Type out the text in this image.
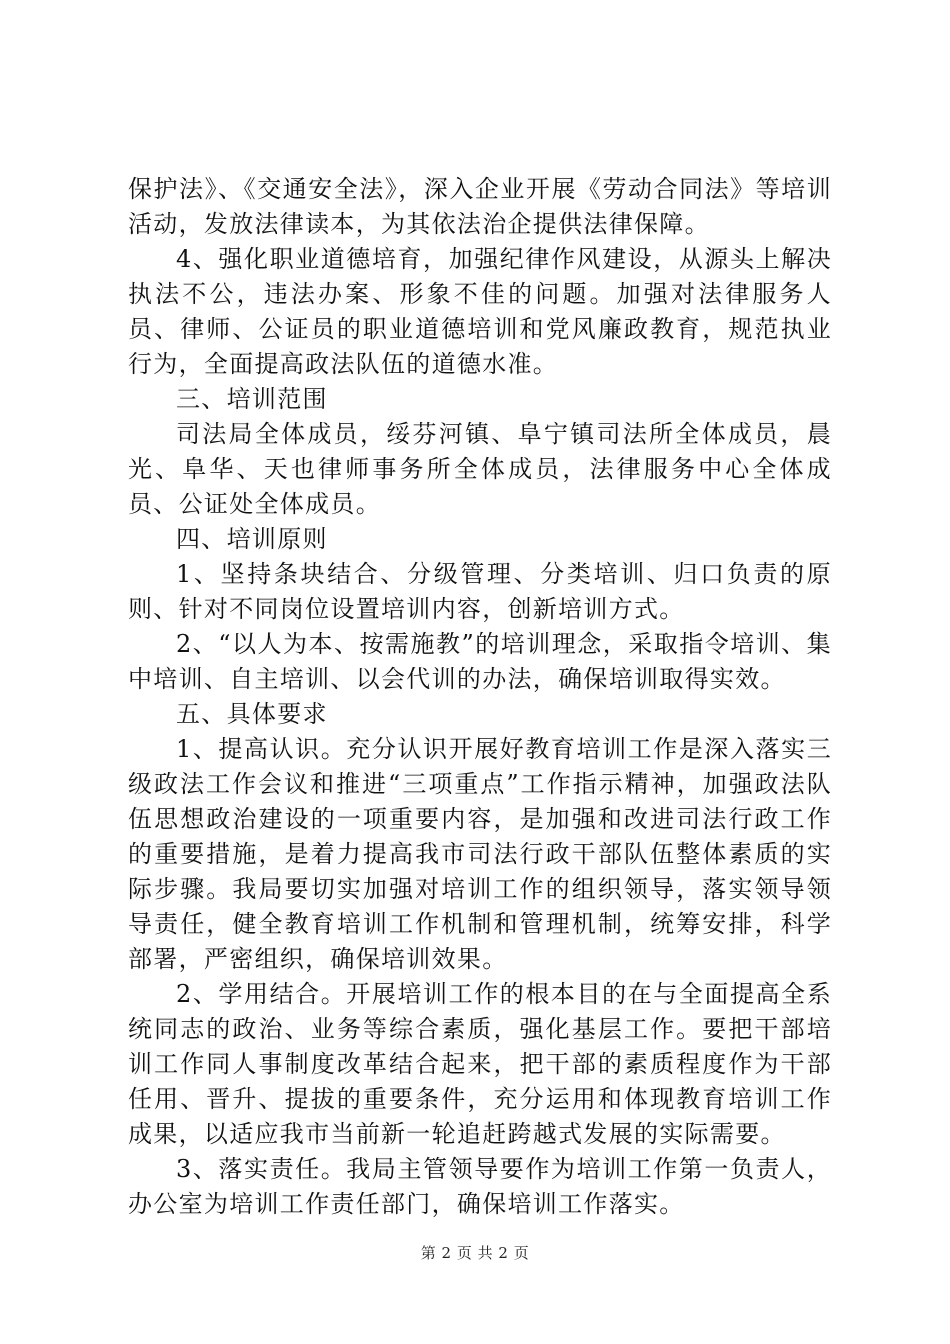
保护法》、《交通安全法》，深入企业开展《劳动合同法》等培训活动，发放法律读本，为其依法治企提供法律保障。

4、强化职业道德培育，加强纪律作风建设，从源头上解决执法不公，违法办案、形象不佳的问题。加强对法律服务人员、律师、公证员的职业道德培训和党风廉政教育，规范执业行为，全面提高政法队伍的道德水准。

三、培训范围

司法局全体成员，绥芬河镇、阜宁镇司法所全体成员，晨光、阜华、天也律师事务所全体成员，法律服务中心全体成员、公证处全体成员。

四、培训原则

1、坚持条块结合、分级管理、分类培训、归口负责的原则、针对不同岗位设置培训内容，创新培训方式。

2、“以人为本、按需施教”的培训理念，采取指令培训、集中培训、自主培训、以会代训的办法，确保培训取得实效。

五、具体要求

1、提高认识。充分认识开展好教育培训工作是深入落实三级政法工作会议和推进“三项重点”工作指示精神，加强政法队伍思想政治建设的一项重要内容，是加强和改进司法行政工作的重要措施，是着力提高我市司法行政干部队伍整体素质的实际步骤。我局要切实加强对培训工作的组织领导，落实领导领导责任，健全教育培训工作机制和管理机制，统筹安排，科学部署，严密组织，确保培训效果。

2、学用结合。开展培训工作的根本目的在与全面提高全系统同志的政治、业务等综合素质，强化基层工作。要把干部培训工作同人事制度改革结合起来，把干部的素质程度作为干部任用、晋升、提拔的重要条件，充分运用和体现教育培训工作成果，以适应我市当前新一轮追赶跨越式发展的实际需要。

3、落实责任。我局主管领导要作为培训工作第一负责人，办公室为培训工作责任部门，确保培训工作落实。

第 2 页 共 2 页
